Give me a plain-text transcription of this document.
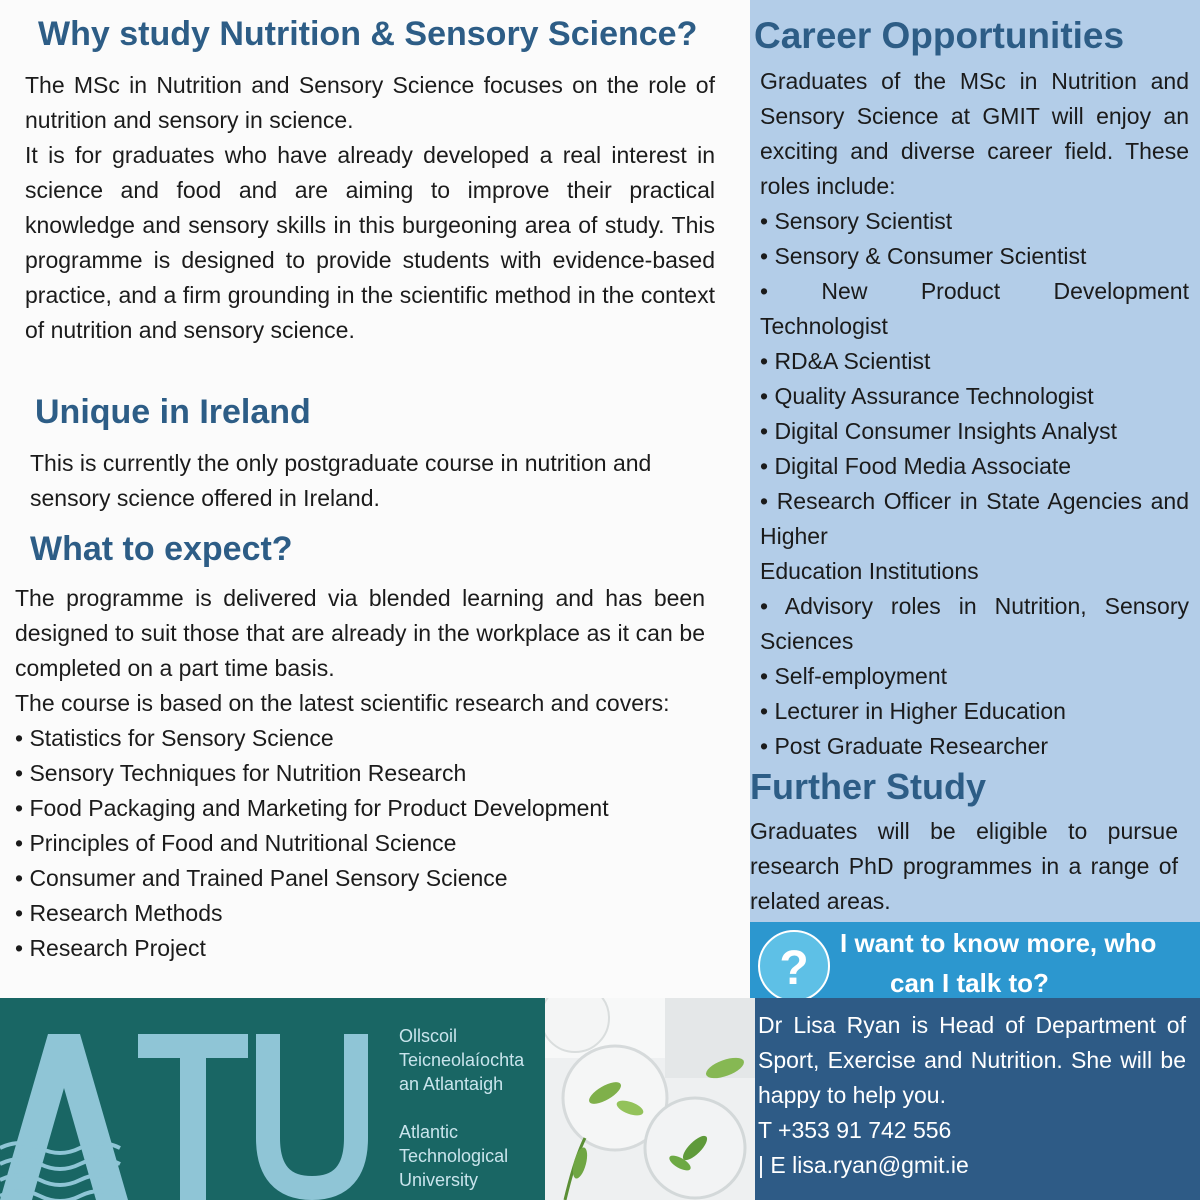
Why study Nutrition & Sensory Science?

The MSc in Nutrition and Sensory Science focuses on the role of nutrition and sensory in science.

It is for graduates who have already developed a real interest in science and food and are aiming to improve their practical knowledge and sensory skills in this burgeoning area of study. This programme is designed to provide students with evidence-based practice, and a firm grounding in the scientific method in the context of nutrition and sensory science.

Unique in Ireland

This is currently the only postgraduate course in nutrition and sensory science offered in Ireland.

What to expect?

The programme is delivered via blended learning and has been designed to suit those that are already in the workplace as it can be completed on a part time basis.

The course is based on the latest scientific research and covers:

• Statistics for Sensory Science
• Sensory Techniques for Nutrition Research
• Food Packaging and Marketing for Product Development
• Principles of Food and Nutritional Science
• Consumer and Trained Panel Sensory Science
• Research Methods
• Research Project
Career Opportunities

Graduates of the MSc in Nutrition and Sensory Science at GMIT will enjoy an exciting and diverse career field. These roles include:

• Sensory Scientist
• Sensory & Consumer Scientist
• New Product Development Technologist
• RD&A Scientist
• Quality Assurance Technologist
• Digital Consumer Insights Analyst
• Digital Food Media Associate
• Research Officer in State Agencies and Higher
Education Institutions
• Advisory roles in Nutrition, Sensory Sciences
• Self-employment
• Lecturer in Higher Education
• Post Graduate Researcher
Further Study

Graduates will be eligible to pursue research PhD programmes in a range of related areas.

? I want to know more, who
can I talk to?

Dr Lisa Ryan is Head of Department of Sport, Exercise and Nutrition. She will be happy to help you.

T +353 91 742 556
| E lisa.ryan@gmit.ie
Ollscoil
Teicneolaíochta
an Atlantaigh
Atlantic
Technological
University
